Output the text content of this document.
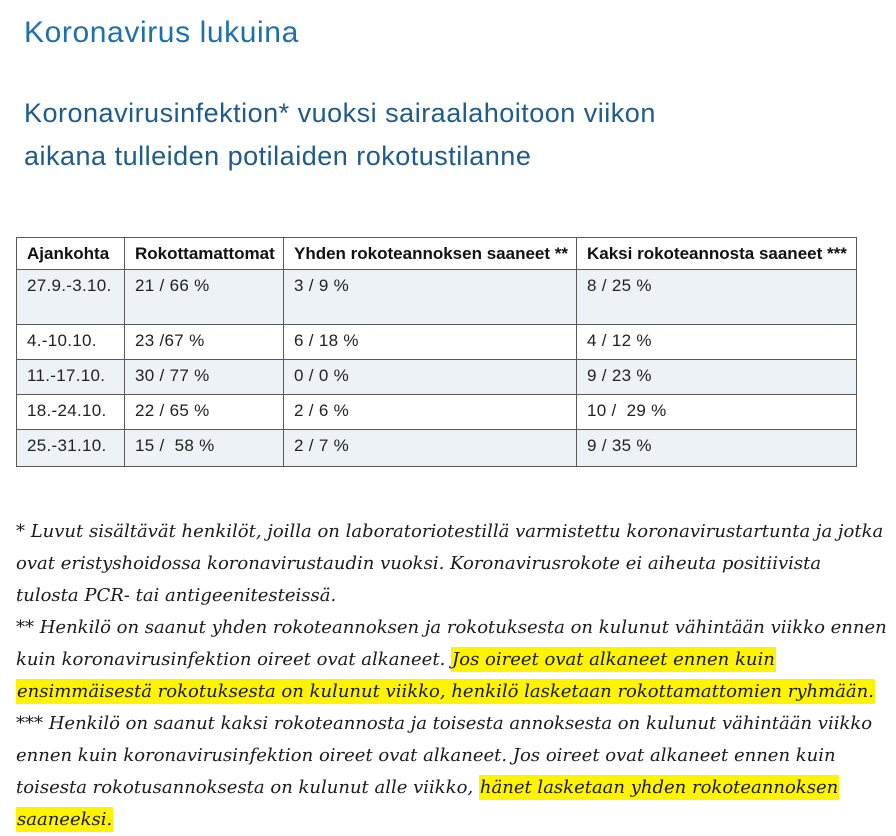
Koronavirus lukuina
Koronavirusinfektion* vuoksi sairaalahoitoon viikon aikana tulleiden potilaiden rokotustilanne
Ajankohta	Rokottamattomat	Yhden rokoteannoksen saaneet **	Kaksi rokoteannosta saaneet ***
27.9.-3.10.	21 / 66 %	3 / 9 %	8 / 25 %
4.-10.10.	23 /67 %	6 / 18 %	4 / 12 %
11.-17.10.	30 / 77 %	0 / 0 %	9 / 23 %
18.-24.10.	22 / 65 %	2 / 6 %	10 /  29 %
25.-31.10.	15 /  58 %	2 / 7 %	9 / 35 %

* Luvut sisältävät henkilöt, joilla on laboratoriotestillä varmistettu koronavirustartunta ja jotka ovat eristyshoidossa koronavirustaudin vuoksi. Koronavirusrokote ei aiheuta positiivista tulosta PCR- tai antigeenitesteissä.

** Henkilö on saanut yhden rokoteannoksen ja rokotuksesta on kulunut vähintään viikko ennen kuin koronavirusinfektion oireet ovat alkaneet. Jos oireet ovat alkaneet ennen kuin ensimmäisestä rokotuksesta on kulunut viikko, henkilö lasketaan rokottamattomien ryhmään.

*** Henkilö on saanut kaksi rokoteannosta ja toisesta annoksesta on kulunut vähintään viikko ennen kuin koronavirusinfektion oireet ovat alkaneet. Jos oireet ovat alkaneet ennen kuin toisesta rokotusannoksesta on kulunut alle viikko, hänet lasketaan yhden rokoteannoksen saaneeksi.
